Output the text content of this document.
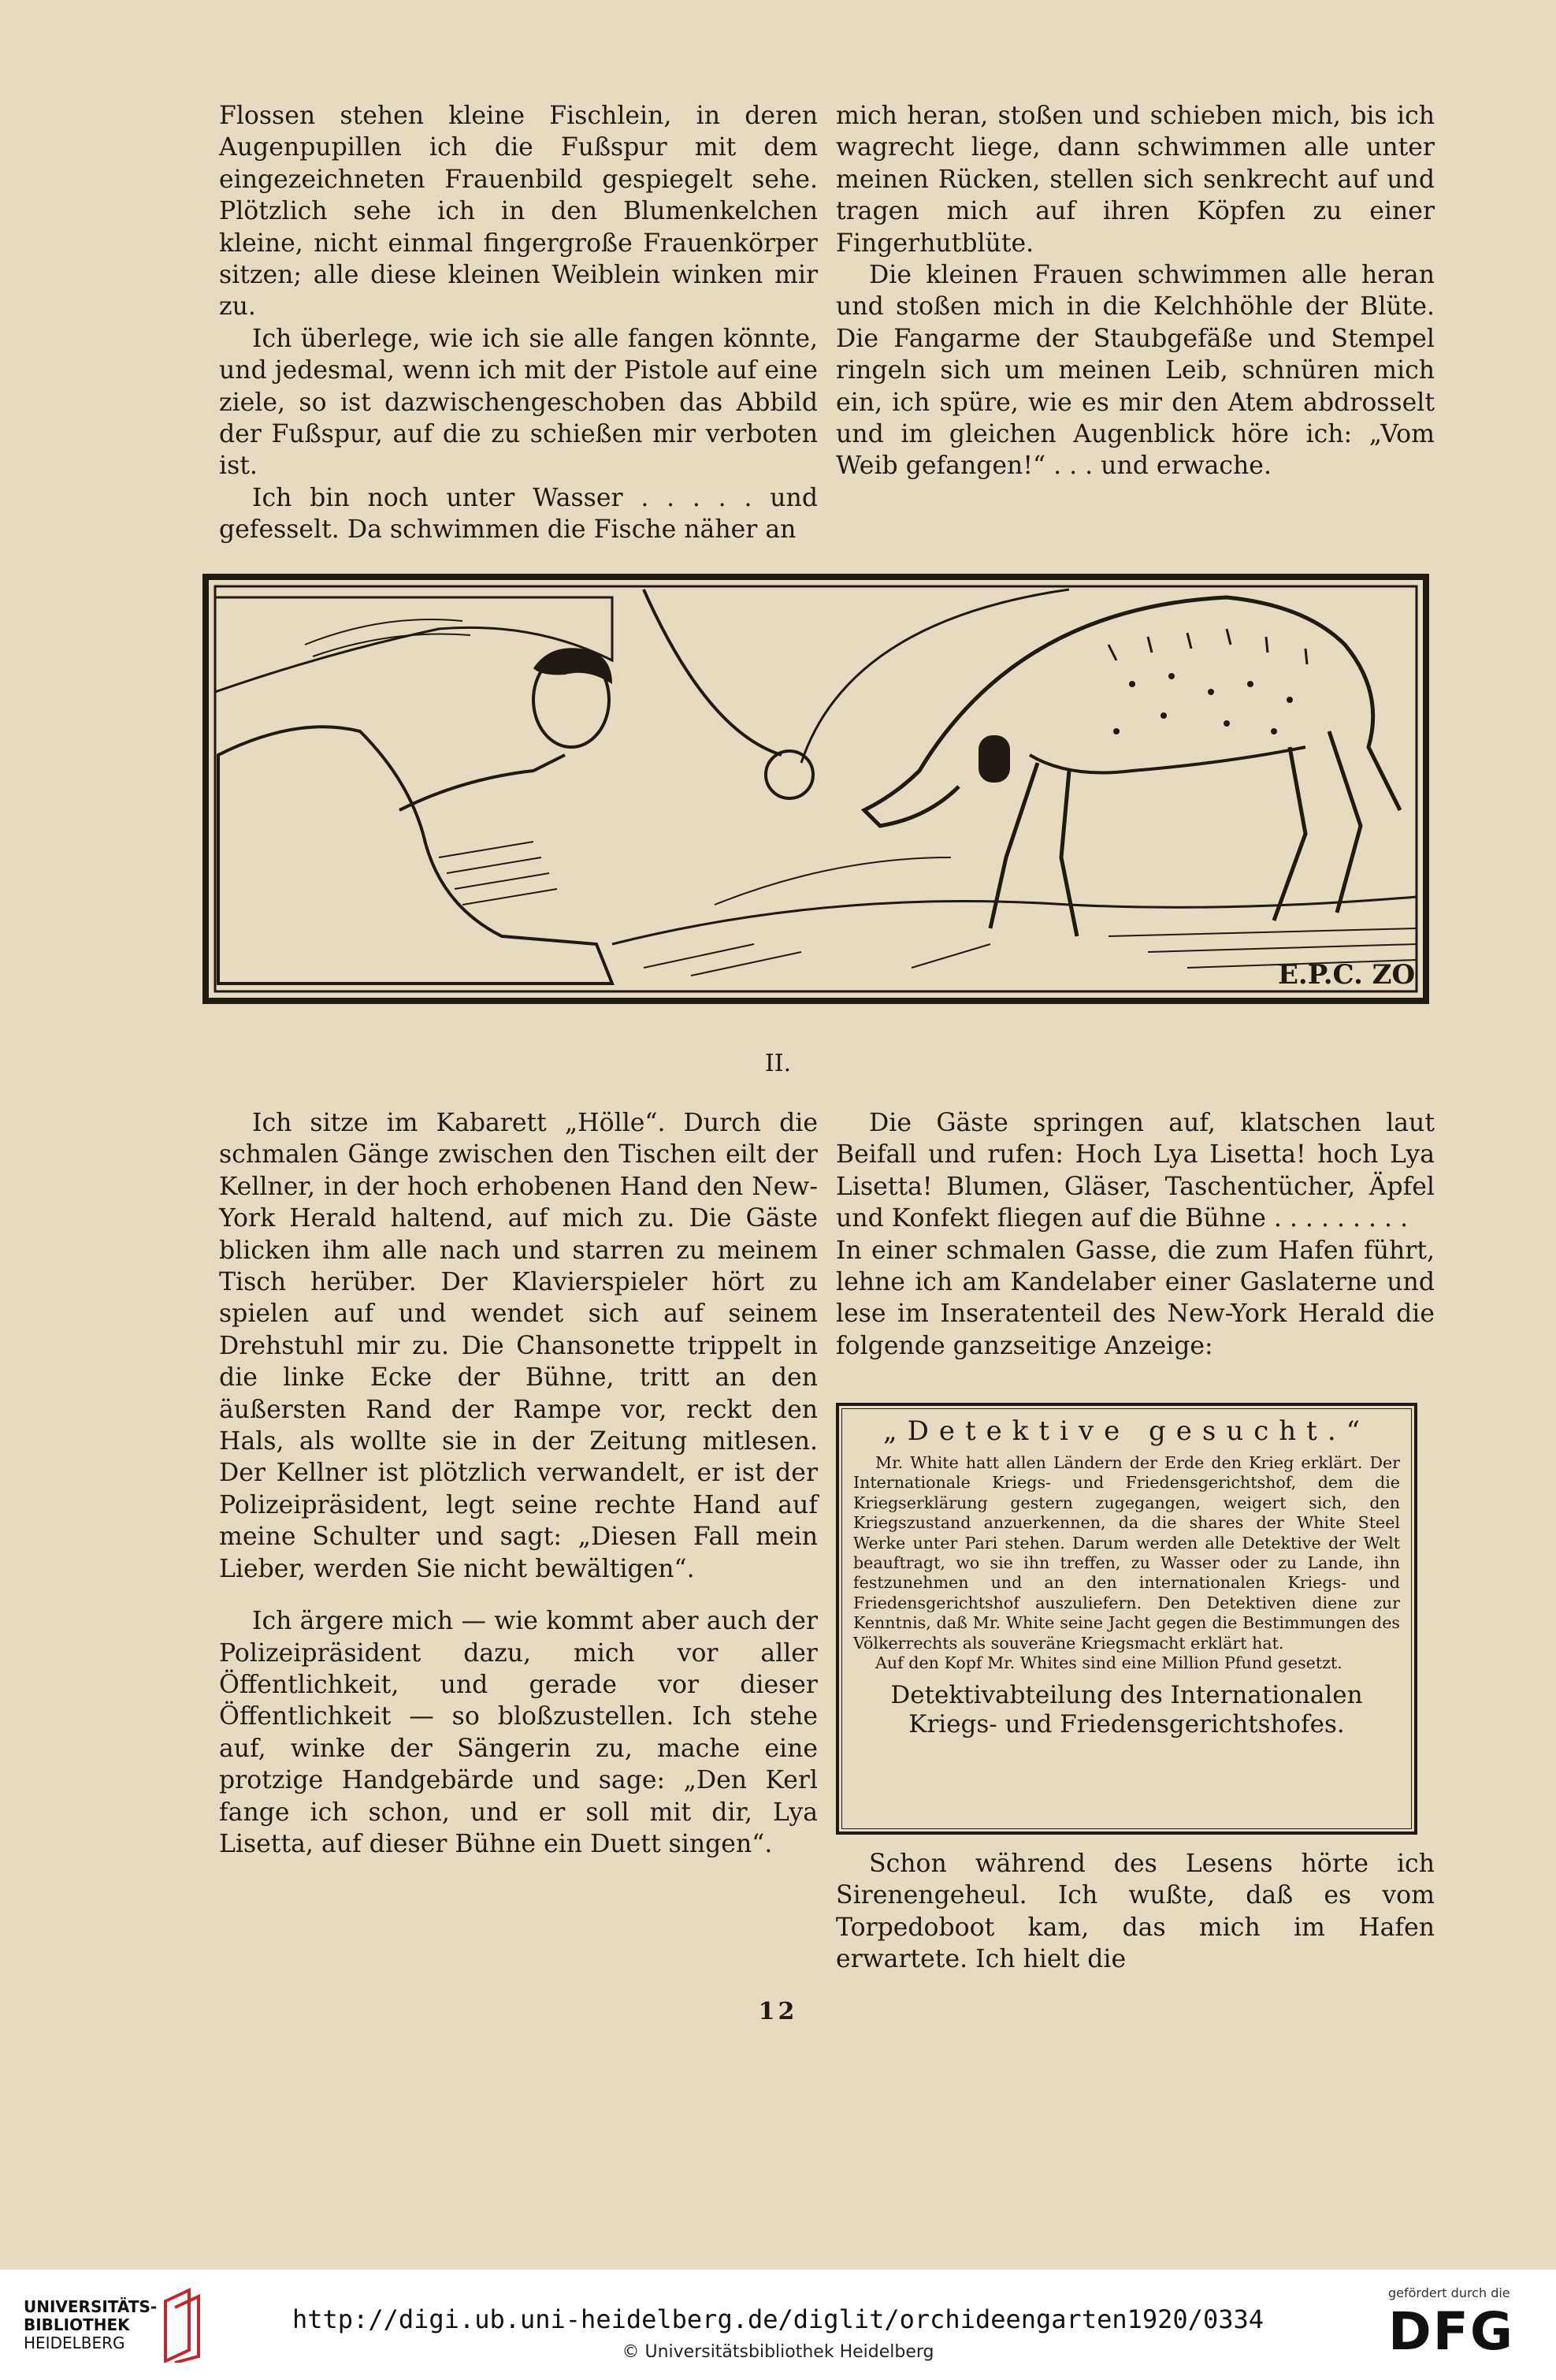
Flossen stehen kleine Fischlein, in deren Augenpupillen ich die Fußspur mit dem eingezeichneten Frauenbild gespiegelt sehe. Plötzlich sehe ich in den Blumenkelchen kleine, nicht einmal fingergroße Frauenkörper sitzen; alle diese kleinen Weiblein winken mir zu.

Ich überlege, wie ich sie alle fangen könnte, und jedesmal, wenn ich mit der Pistole auf eine ziele, so ist dazwischengeschoben das Abbild der Fußspur, auf die zu schießen mir verboten ist.

Ich bin noch unter Wasser . . . . . und gefesselt. Da schwimmen die Fische näher an

mich heran, stoßen und schieben mich, bis ich wagrecht liege, dann schwimmen alle unter meinen Rücken, stellen sich senkrecht auf und tragen mich auf ihren Köpfen zu einer Fingerhutblüte.

Die kleinen Frauen schwimmen alle heran und stoßen mich in die Kelchhöhle der Blüte. Die Fangarme der Staubgefäße und Stempel ringeln sich um meinen Leib, schnüren mich ein, ich spüre, wie es mir den Atem abdrosselt und im gleichen Augenblick höre ich: „Vom Weib gefangen!“ . . . und erwache.

E.P.C. ZO
II.

Ich sitze im Kabarett „Hölle“. Durch die schmalen Gänge zwischen den Tischen eilt der Kellner, in der hoch erhobenen Hand den New-York Herald haltend, auf mich zu. Die Gäste blicken ihm alle nach und starren zu meinem Tisch herüber. Der Klavierspieler hört zu spielen auf und wendet sich auf seinem Drehstuhl mir zu. Die Chansonette trippelt in die linke Ecke der Bühne, tritt an den äußersten Rand der Rampe vor, reckt den Hals, als wollte sie in der Zeitung mitlesen. Der Kellner ist plötzlich verwandelt, er ist der Polizeipräsident, legt seine rechte Hand auf meine Schulter und sagt: „Diesen Fall mein Lieber, werden Sie nicht bewältigen“.

Ich ärgere mich — wie kommt aber auch der Polizeipräsident dazu, mich vor aller Öffentlichkeit, und gerade vor dieser Öffentlichkeit — so bloßzustellen. Ich stehe auf, winke der Sängerin zu, mache eine protzige Handgebärde und sage: „Den Kerl fange ich schon, und er soll mit dir, Lya Lisetta, auf dieser Bühne ein Duett singen“.

Die Gäste springen auf, klatschen laut Beifall und rufen: Hoch Lya Lisetta! hoch Lya Lisetta! Blumen, Gläser, Taschentücher, Äpfel und Konfekt fliegen auf die Bühne . . . . . . . . .

In einer schmalen Gasse, die zum Hafen führt, lehne ich am Kandelaber einer Gaslaterne und lese im Inseratenteil des New-York Herald die folgende ganzseitige Anzeige:

„Detektive gesucht.“

Mr. White hatt allen Ländern der Erde den Krieg erklärt. Der Internationale Kriegs- und Friedensgerichtshof, dem die Kriegserklärung gestern zugegangen, weigert sich, den Kriegszustand anzuerkennen, da die shares der White Steel Werke unter Pari stehen. Darum werden alle Detektive der Welt beauftragt, wo sie ihn treffen, zu Wasser oder zu Lande, ihn festzunehmen und an den internationalen Kriegs- und Friedensgerichtshof auszuliefern. Den Detektiven diene zur Kenntnis, daß Mr. White seine Jacht gegen die Bestimmungen des Völkerrechts als souveräne Kriegsmacht erklärt hat.

Auf den Kopf Mr. Whites sind eine Million Pfund gesetzt.

Detektivabteilung des Internationalen
Kriegs- und Friedensgerichtshofes.

Schon während des Lesens hörte ich Sirenengeheul. Ich wußte, daß es vom Torpedoboot kam, das mich im Hafen erwartete. Ich hielt die

12
UNIVERSITÄTS-
BIBLIOTHEK
HEIDELBERG
http://digi.ub.uni-heidelberg.de/diglit/orchideengarten1920/0334
© Universitätsbibliothek Heidelberg
gefördert durch die
DFG
